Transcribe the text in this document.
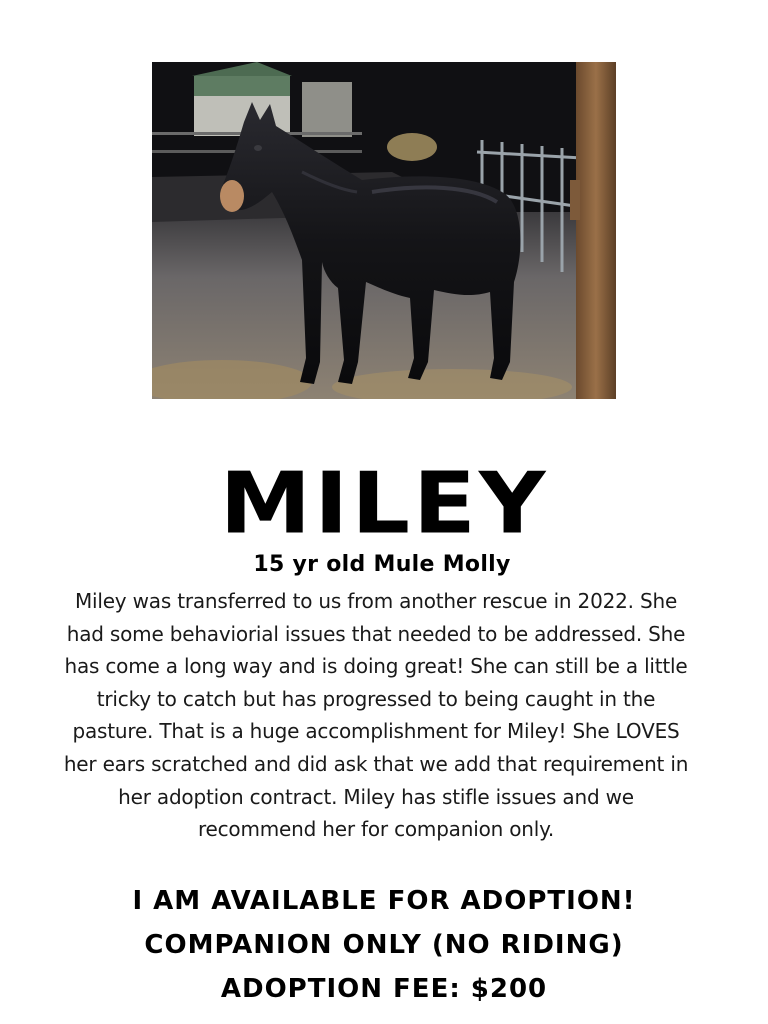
MILEY
15 yr old Mule Molly
Miley was transferred to us from another rescue in 2022. She had some behaviorial issues that needed to be addressed. She has come a long way and is doing great! She can still be a little tricky to catch but has progressed to being caught in the pasture. That is a huge accomplishment for Miley! She LOVES her ears scratched and did ask that we add that requirement in her adoption contract. Miley has stifle issues and we recommend her for companion only.
I AM AVAILABLE FOR ADOPTION!
COMPANION ONLY (NO RIDING)
ADOPTION FEE: $200
